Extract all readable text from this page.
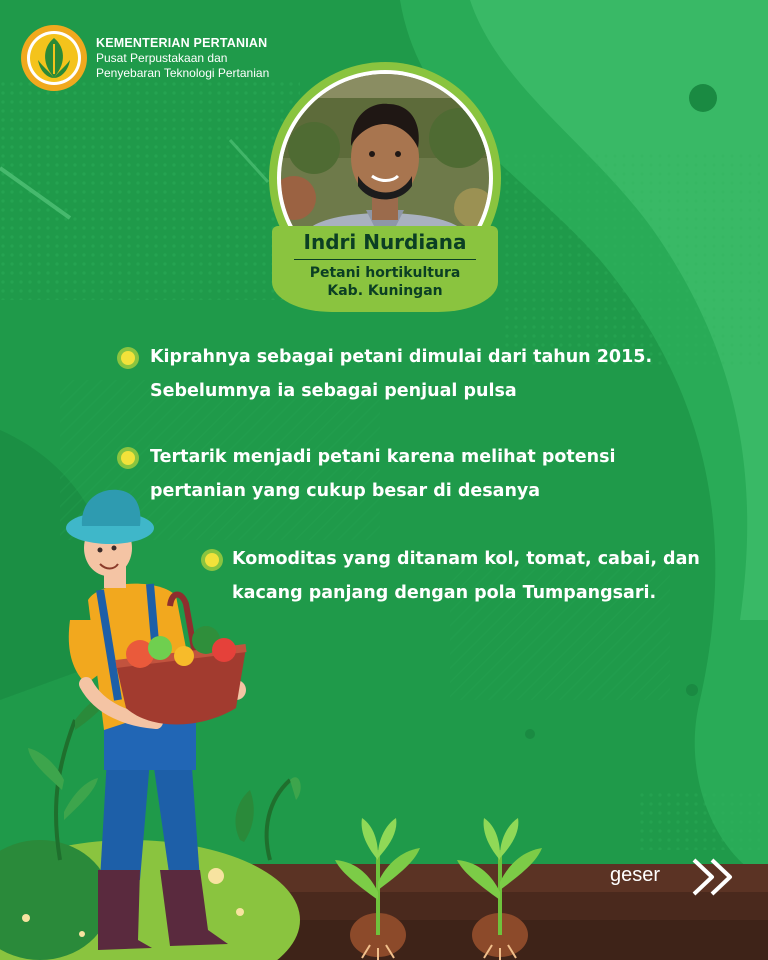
KEMENTERIAN PERTANIAN
Pusat Perpustakaan dan
Penyebaran Teknologi Pertanian
Indri Nurdiana
Petani hortikultura
Kab. Kuningan
Kiprahnya sebagai petani dimulai dari tahun 2015.
Sebelumnya ia sebagai penjual pulsa
Tertarik menjadi petani karena melihat potensi
pertanian yang cukup besar di desanya
Komoditas yang ditanam kol, tomat, cabai, dan
kacang panjang dengan pola Tumpangsari.
geser
